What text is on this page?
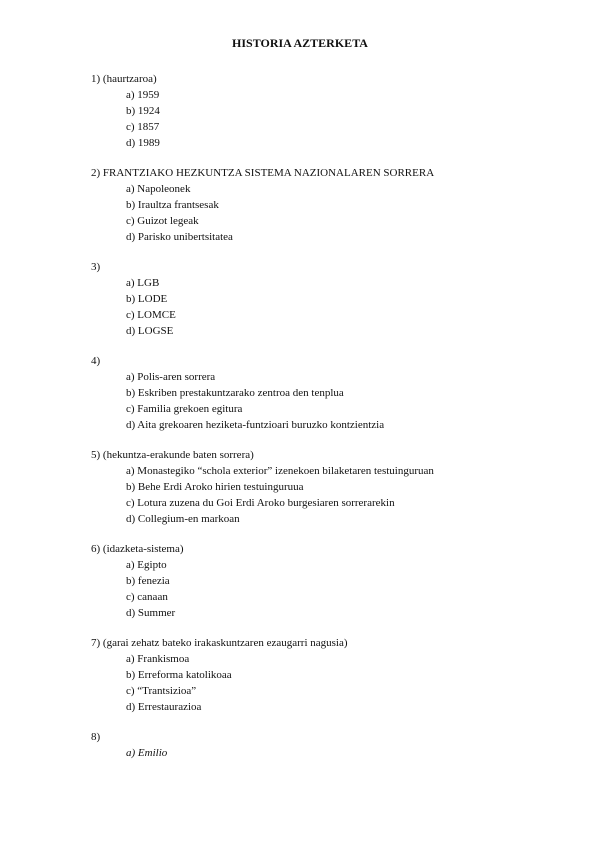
HISTORIA AZTERKETA
1) (haurtzaroa)
a) 1959
b) 1924
c) 1857
d) 1989
2) FRANTZIAKO HEZKUNTZA SISTEMA NAZIONALAREN SORRERA
a) Napoleonek
b) Iraultza frantsesak
c) Guizot legeak
d) Parisko unibertsitatea
3)
a) LGB
b) LODE
c) LOMCE
d) LOGSE
4)
a) Polis-aren sorrera
b) Eskriben prestakuntzarako zentroa den tenplua
c) Familia grekoen egitura
d) Aita grekoaren heziketa-funtzioari buruzko kontzientzia
5) (hekuntza-erakunde baten sorrera)
a) Monastegiko “schola exterior” izenekoen bilaketaren testuinguruan
b) Behe Erdi Aroko hirien testuinguruua
c) Lotura zuzena du Goi Erdi Aroko burgesiaren sorrerarekin
d) Collegium-en markoan
6) (idazketa-sistema)
a) Egipto
b) fenezia
c) canaan
d) Summer
7) (garai zehatz bateko irakaskuntzaren ezaugarri nagusia)
a) Frankismoa
b) Erreforma katolikoaa
c) “Trantsizioa”
d) Errestaurazioa
8)
a) Emilio
